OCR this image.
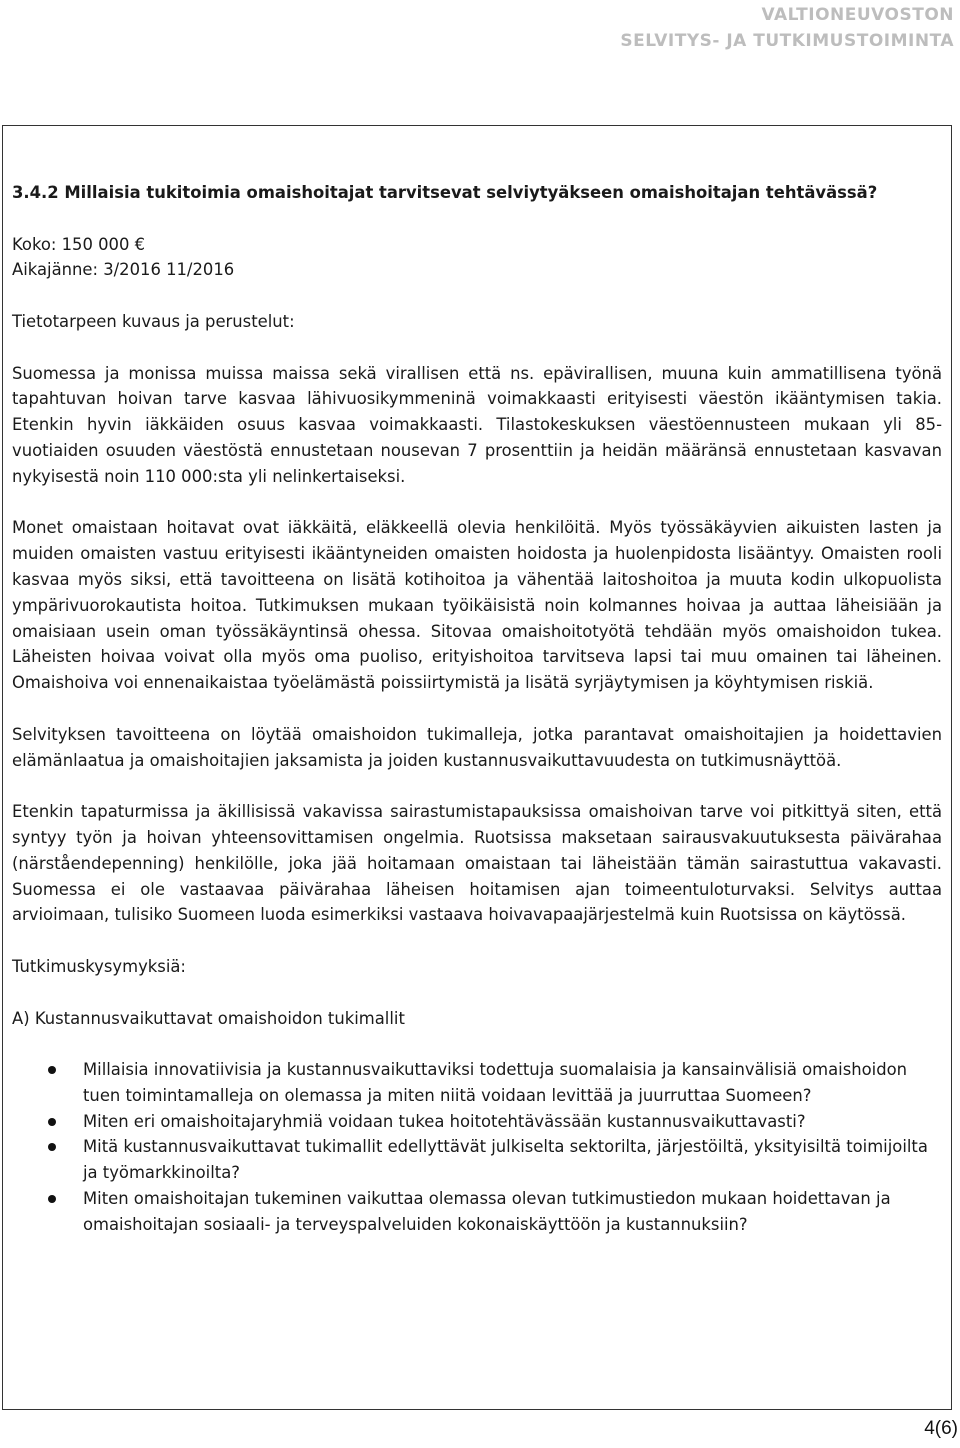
VALTIONEUVOSTON
SELVITYS- JA TUTKIMUSTOIMINTA

3.4.2 Millaisia tukitoimia omaishoitajat tarvitsevat selviytyäkseen omaishoitajan tehtävässä?

Koko: 150 000 €

Aikajänne: 3/2016 11/2016

Tietotarpeen kuvaus ja perustelut:

Suomessa ja monissa muissa maissa sekä virallisen että ns. epävirallisen, muuna kuin ammatillisena työnä tapahtuvan hoivan tarve kasvaa lähivuosikymmeninä voimakkaasti erityisesti väestön ikääntymisen takia. Etenkin hyvin iäkkäiden osuus kasvaa voimakkaasti. Tilastokeskuksen väestöennusteen mukaan yli 85-vuotiaiden osuuden väestöstä ennustetaan nousevan 7 prosenttiin ja heidän määränsä ennustetaan kasvavan nykyisestä noin 110 000:sta yli nelinkertaiseksi.

Monet omaistaan hoitavat ovat iäkkäitä, eläkkeellä olevia henkilöitä. Myös työssäkäyvien aikuisten lasten ja muiden omaisten vastuu erityisesti ikääntyneiden omaisten hoidosta ja huolenpidosta lisääntyy. Omaisten rooli kasvaa myös siksi, että tavoitteena on lisätä kotihoitoa ja vähentää laitoshoitoa ja muuta kodin ulkopuolista ympärivuorokautista hoitoa. Tutkimuksen mukaan työikäisistä noin kolmannes hoivaa ja auttaa läheisiään ja omaisiaan usein oman työssäkäyntinsä ohessa. Sitovaa omaishoitotyötä tehdään myös omaishoidon tukea. Läheisten hoivaa voivat olla myös oma puoliso, erityishoitoa tarvitseva lapsi tai muu omainen tai läheinen. Omaishoiva voi ennenaikaistaa työelämästä poissiirtymistä ja lisätä syrjäytymisen ja köyhtymisen riskiä.

Selvityksen tavoitteena on löytää omaishoidon tukimalleja, jotka parantavat omaishoitajien ja hoidettavien elämänlaatua ja omaishoitajien jaksamista ja joiden kustannusvaikuttavuudesta on tutkimusnäyttöä.

Etenkin tapaturmissa ja äkillisissä vakavissa sairastumistapauksissa omaishoivan tarve voi pitkittyä siten, että syntyy työn ja hoivan yhteensovittamisen ongelmia. Ruotsissa maksetaan sairausvakuutuksesta päivärahaa (närståendepenning) henkilölle, joka jää hoitamaan omaistaan tai läheistään tämän sairastuttua vakavasti. Suomessa ei ole vastaavaa päivärahaa läheisen hoitamisen ajan toimeentuloturvaksi. Selvitys auttaa arvioimaan, tulisiko Suomeen luoda esimerkiksi vastaava hoivavapaajärjestelmä kuin Ruotsissa on käytössä.

Tutkimuskysymyksiä:

A) Kustannusvaikuttavat omaishoidon tukimallit

Millaisia innovatiivisia ja kustannusvaikuttaviksi todettuja suomalaisia ja kansainvälisiä omaishoidon tuen toimintamalleja on olemassa ja miten niitä voidaan levittää ja juurruttaa Suomeen?
Miten eri omaishoitajaryhmiä voidaan tukea hoitotehtävässään kustannusvaikuttavasti?
Mitä kustannusvaikuttavat tukimallit edellyttävät julkiselta sektorilta, järjestöiltä, yksityisiltä toimijoilta ja työmarkkinoilta?
Miten omaishoitajan tukeminen vaikuttaa olemassa olevan tutkimustiedon mukaan hoidettavan ja omaishoitajan sosiaali- ja terveyspalveluiden kokonaiskäyttöön ja kustannuksiin?
4(6)
